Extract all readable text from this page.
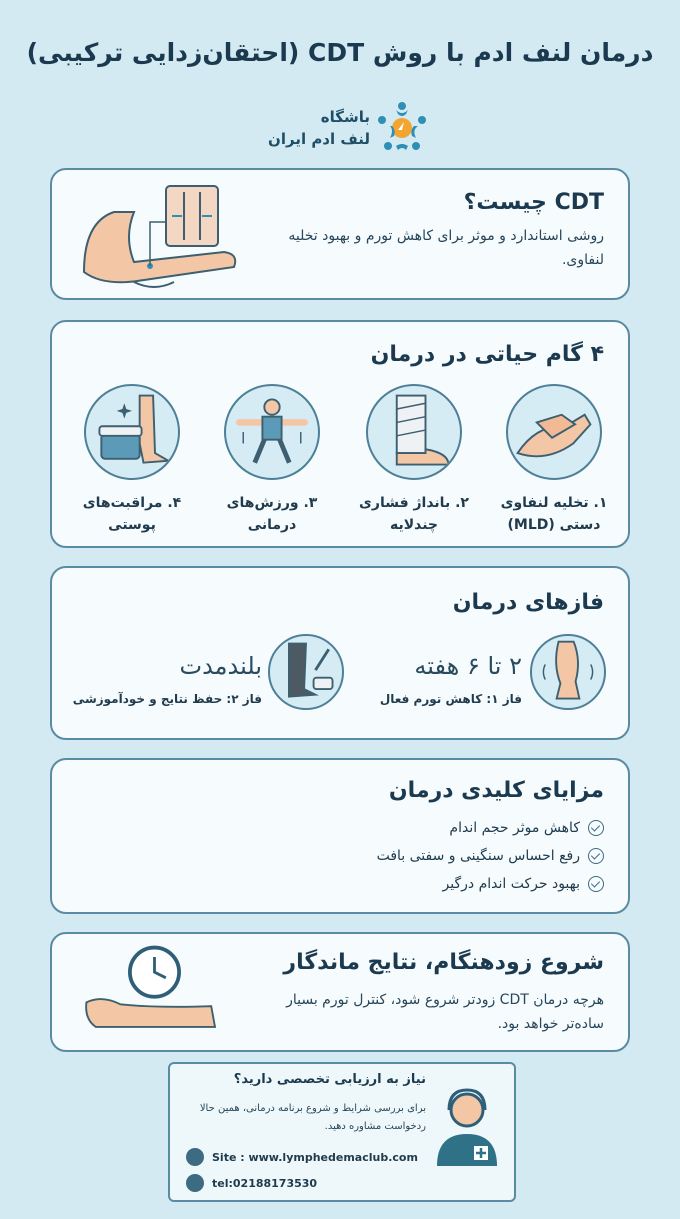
درمان لنف ادم با روش CDT (احتقان‌زدایی ترکیبی)
باشگاه
لنف ادم ایران
CDT چیست؟
روشی استاندارد و موثر برای کاهش تورم و بهبود تخلیه لنفاوی.
۴ گام حیاتی در درمان
۱. تخلیه لنفاوی
دستی (MLD)
۲. بانداژ فشاری
چندلایه
۳. ورزش‌های
درمانی
۴. مراقبت‌های
پوستی
فازهای درمان
۲ تا ۶ هفته
فاز ۱: کاهش تورم فعال
بلندمدت
فاز ۲: حفظ نتایج و خودآموزشی
مزایای کلیدی درمان
کاهش موثر حجم اندام
رفع احساس سنگینی و سفتی بافت
بهبود حرکت اندام درگیر
شروع زودهنگام، نتایج ماندگار
هرچه درمان CDT زودتر شروع شود، کنترل تورم بسیار ساده‌تر خواهد بود.
نیاز به ارزیابی تخصصی دارید؟
برای بررسی شرایط و شروع برنامه درمانی، همین حالا ردخواست مشاوره دهید.
Site : www.lymphedemaclub.com
tel:02188173530
